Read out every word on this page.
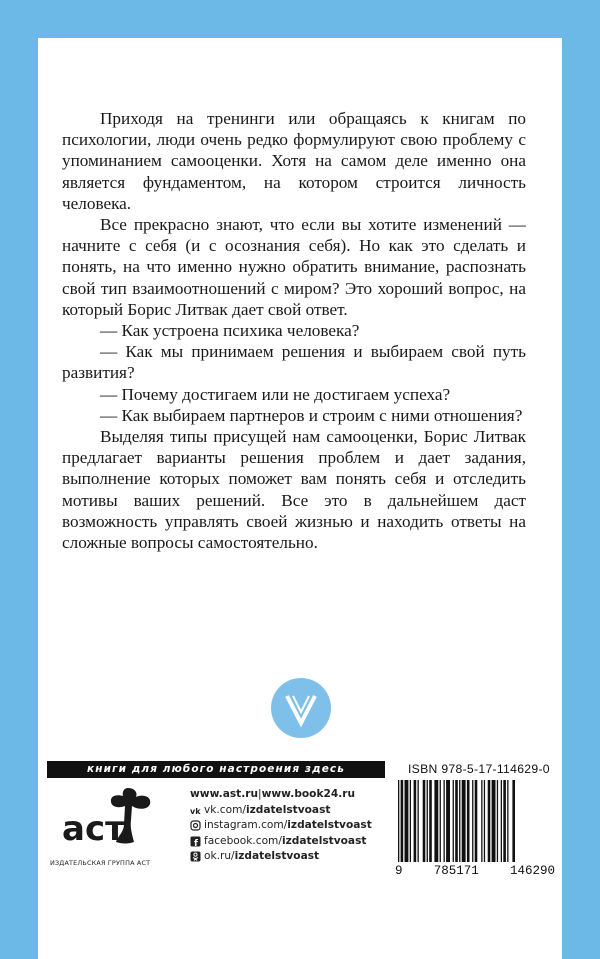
Приходя на тренинги или обращаясь к книгам по психологии, люди очень редко формулируют свою проблему с упоминанием самооценки. Хотя на самом деле именно она является фундаментом, на котором строится личность человека.

Все прекрасно знают, что если вы хотите изменений — начните с себя (и с осознания себя). Но как это сделать и понять, на что именно нужно обратить внимание, распознать свой тип взаимоотношений с миром? Это хороший вопрос, на который Борис Литвак дает свой ответ.

— Как устроена психика человека?

— Как мы принимаем решения и выбираем свой путь развития?

— Почему достигаем или не достигаем успеха?

— Как выбираем партнеров и строим с ними отношения?

Выделяя типы присущей нам самооценки, Борис Литвак предлагает варианты решения проблем и дает задания, выполнение которых поможет вам понять себя и отследить мотивы ваших решений. Все это в дальнейшем даст возможность управлять своей жизнью и находить ответы на сложные вопросы самостоятельно.

книги для любого настроения здесь
аст
ИЗДАТЕЛЬСКАЯ ГРУППА АСТ
www.ast.ru | www.book24.ru
vk vk.com/ izdatelstvoast
instagram.com/ izdatelstvoast
f facebook.com/ izdatelstvoast
ok.ru/ izdatelstvoast
ISBN 978-5-17-114629-0
9 785171 146290
